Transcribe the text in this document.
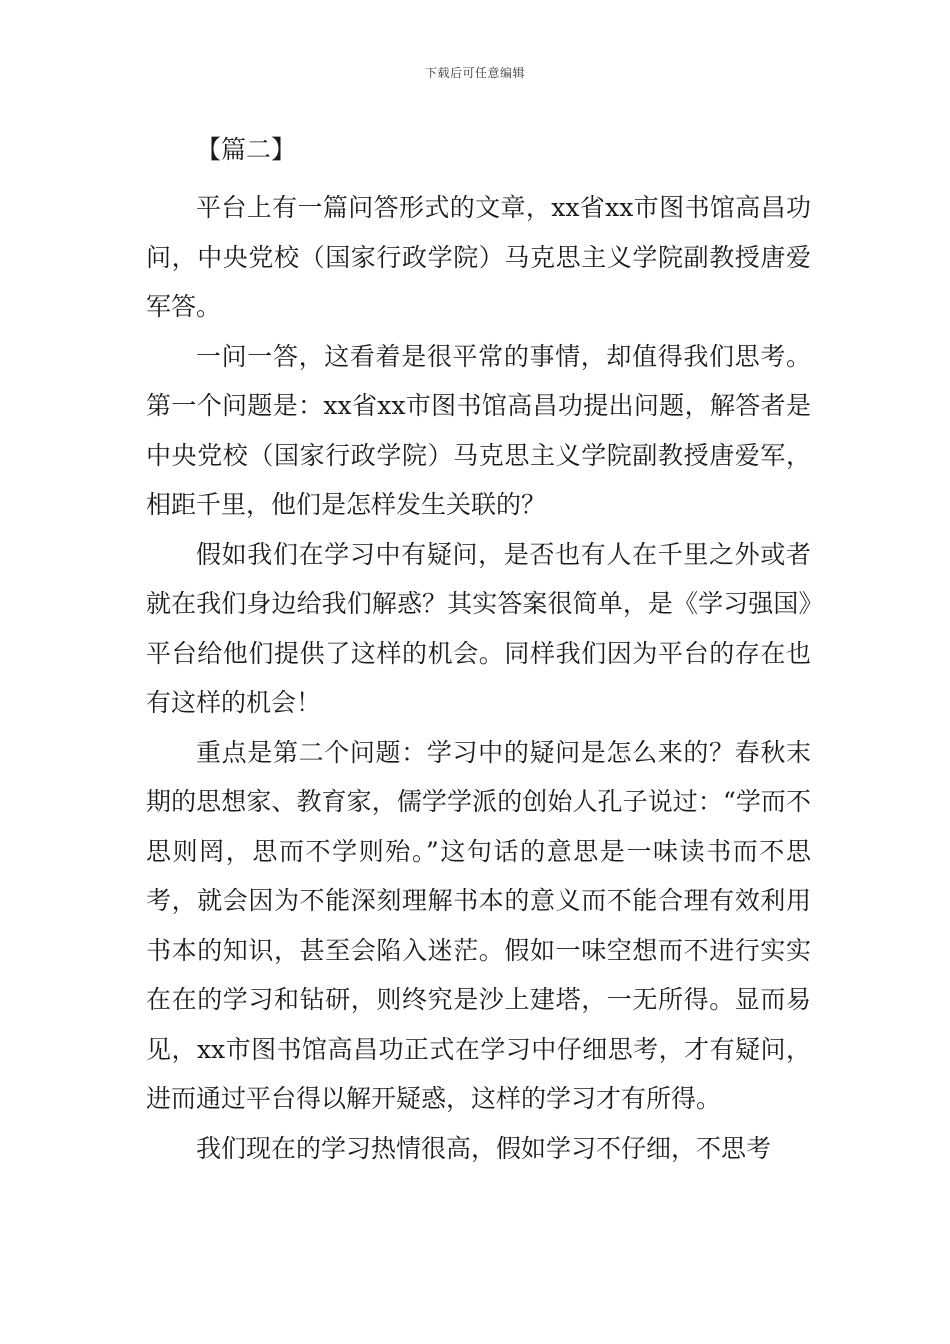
下载后可任意编辑
【篇二】

平台上有一篇问答形式的文章，xx省xx市图书馆高昌功问，中央党校（国家行政学院）马克思主义学院副教授唐爱军答。

一问一答，这看着是很平常的事情，却值得我们思考。第一个问题是：xx省xx市图书馆高昌功提出问题，解答者是中央党校（国家行政学院）马克思主义学院副教授唐爱军，相距千里，他们是怎样发生关联的？

假如我们在学习中有疑问，是否也有人在千里之外或者就在我们身边给我们解惑？其实答案很简单，是《学习强国》平台给他们提供了这样的机会。同样我们因为平台的存在也有这样的机会！

重点是第二个问题：学习中的疑问是怎么来的？春秋末期的思想家、教育家，儒学学派的创始人孔子说过：“学而不思则罔，思而不学则殆。”这句话的意思是一味读书而不思考，就会因为不能深刻理解书本的意义而不能合理有效利用书本的知识，甚至会陷入迷茫。假如一味空想而不进行实实在在的学习和钻研，则终究是沙上建塔，一无所得。显而易见，xx市图书馆高昌功正式在学习中仔细思考，才有疑问，进而通过平台得以解开疑惑，这样的学习才有所得。

我们现在的学习热情很高，假如学习不仔细，不思考
